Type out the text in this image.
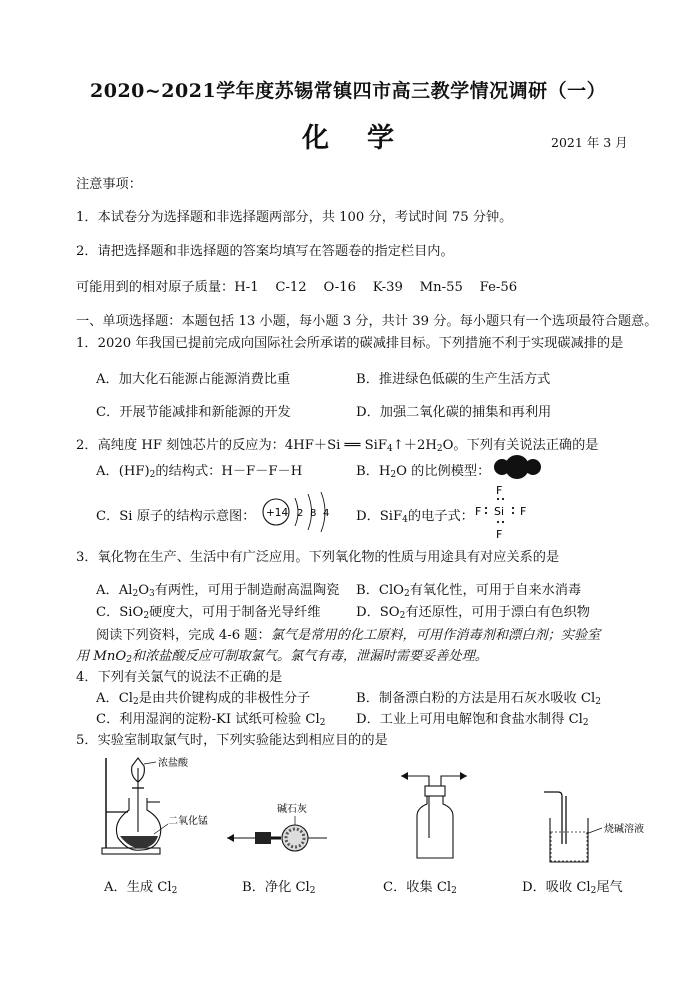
2020~2021学年度苏锡常镇四市高三教学情况调研（一）
化 学	2021 年 3 月
注意事项：
1．本试卷分为选择题和非选择题两部分，共 100 分，考试时间 75 分钟。
2．请把选择题和非选择题的答案均填写在答题卷的指定栏目内。
可能用到的相对原子质量：H-1    C-12    O-16    K-39    Mn-55    Fe-56
一、单项选择题：本题包括 13 小题，每小题 3 分，共计 39 分。每小题只有一个选项最符合题意。
1．2020 年我国已提前完成向国际社会所承诺的碳减排目标。下列措施不利于实现碳减排的是
A．加大化石能源占能源消费比重	B．推进绿色低碳的生产生活方式
C．开展节能减排和新能源的开发	D．加强二氧化碳的捕集和再利用
2．高纯度 HF 刻蚀芯片的反应为：4HF＋Si ══ $SiF_4↑+2H_2O$。下列有关说法正确的是
A．$(HF)_2$的结构式：H－F－F－H	B．$H_2O$ 的比例模型：
C．Si 原子的结构示意图： +14 2 8 4 D．SiF$_4$的电子式：
F
F Si F
F
3．氧化物在生产、生活中有广泛应用。下列氧化物的性质与用途具有对应关系的是
A．$Al_2O_3$有两性，可用于制造耐高温陶瓷 B．ClO$_2$有氧化性，可用于自来水消毒
C．SiO$_2$硬度大，可用于制备光导纤维	D．$SO_2$有还原性，可用于漂白有色织物
阅读下列资料，完成 4-6 题：氯气是常用的化工原料，可用作消毒剂和漂白剂；实验室
用 MnO$_2$和浓盐酸反应可制取氯气。氯气有毒，泄漏时需要妥善处理。
4．下列有关氯气的说法不正确的是
A．$Cl_2$是由共价键构成的非极性分子	B．制备漂白粉的方法是用石灰水吸收 $Cl_2$
C．利用湿润的淀粉-KI 试纸可检验 $Cl_2$ D．工业上可用电解饱和食盐水制得 $Cl_2$
5．实验室制取氯气时，下列实验能达到相应目的的是
浓盐酸
二氧化锰
碱石灰
烧碱溶液
A．生成 $Cl_2$	B．净化 $Cl_2$	C．收集 $Cl_2$	D．吸收 $Cl_2$尾气
